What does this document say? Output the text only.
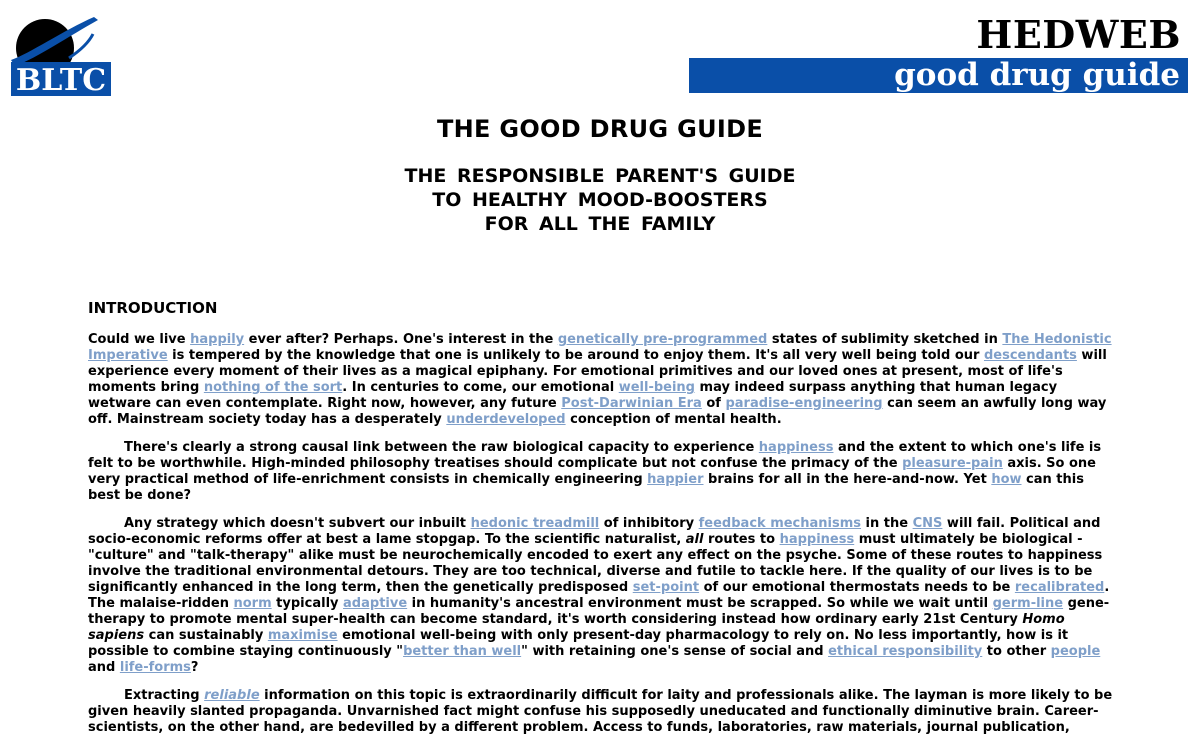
BLTC
HEDWEB
good drug guide
THE GOOD DRUG GUIDE
THE RESPONSIBLE PARENT'S GUIDE
TO HEALTHY MOOD-BOOSTERS
FOR ALL THE FAMILY
INTRODUCTION

Could we live happily ever after? Perhaps. One's interest in the genetically pre-programmed states of sublimity sketched in The Hedonistic Imperative is tempered by the knowledge that one is unlikely to be around to enjoy them. It's all very well being told our descendants will experience every moment of their lives as a magical epiphany. For emotional primitives and our loved ones at present, most of life's moments bring nothing of the sort. In centuries to come, our emotional well-being may indeed surpass anything that human legacy wetware can even contemplate. Right now, however, any future Post-Darwinian Era of paradise-engineering can seem an awfully long way off. Mainstream society today has a desperately underdeveloped conception of mental health.

There's clearly a strong causal link between the raw biological capacity to experience happiness and the extent to which one's life is felt to be worthwhile. High-minded philosophy treatises should complicate but not confuse the primacy of the pleasure-pain axis. So one very practical method of life-enrichment consists in chemically engineering happier brains for all in the here-and-now. Yet how can this best be done?

Any strategy which doesn't subvert our inbuilt hedonic treadmill of inhibitory feedback mechanisms in the CNS will fail. Political and socio-economic reforms offer at best a lame stopgap. To the scientific naturalist, all routes to happiness must ultimately be biological - "culture" and "talk-therapy" alike must be neurochemically encoded to exert any effect on the psyche. Some of these routes to happiness involve the traditional environmental detours. They are too technical, diverse and futile to tackle here. If the quality of our lives is to be significantly enhanced in the long term, then the genetically predisposed set-point of our emotional thermostats needs to be recalibrated. The malaise-ridden norm typically adaptive in humanity's ancestral environment must be scrapped. So while we wait until germ-line gene-therapy to promote mental super-health can become standard, it's worth considering instead how ordinary early 21st Century Homo sapiens can sustainably maximise emotional well-being with only present-day pharmacology to rely on. No less importantly, how is it possible to combine staying continuously "better than well" with retaining one's sense of social and ethical responsibility to other people and life-forms?

Extracting reliable information on this topic is extraordinarily difficult for laity and professionals alike. The layman is more likely to be given heavily slanted propaganda. Unvarnished fact might confuse his supposedly uneducated and functionally diminutive brain. Career-scientists, on the other hand, are bedevilled by a different problem. Access to funds, laboratories, raw materials, journal publication,
